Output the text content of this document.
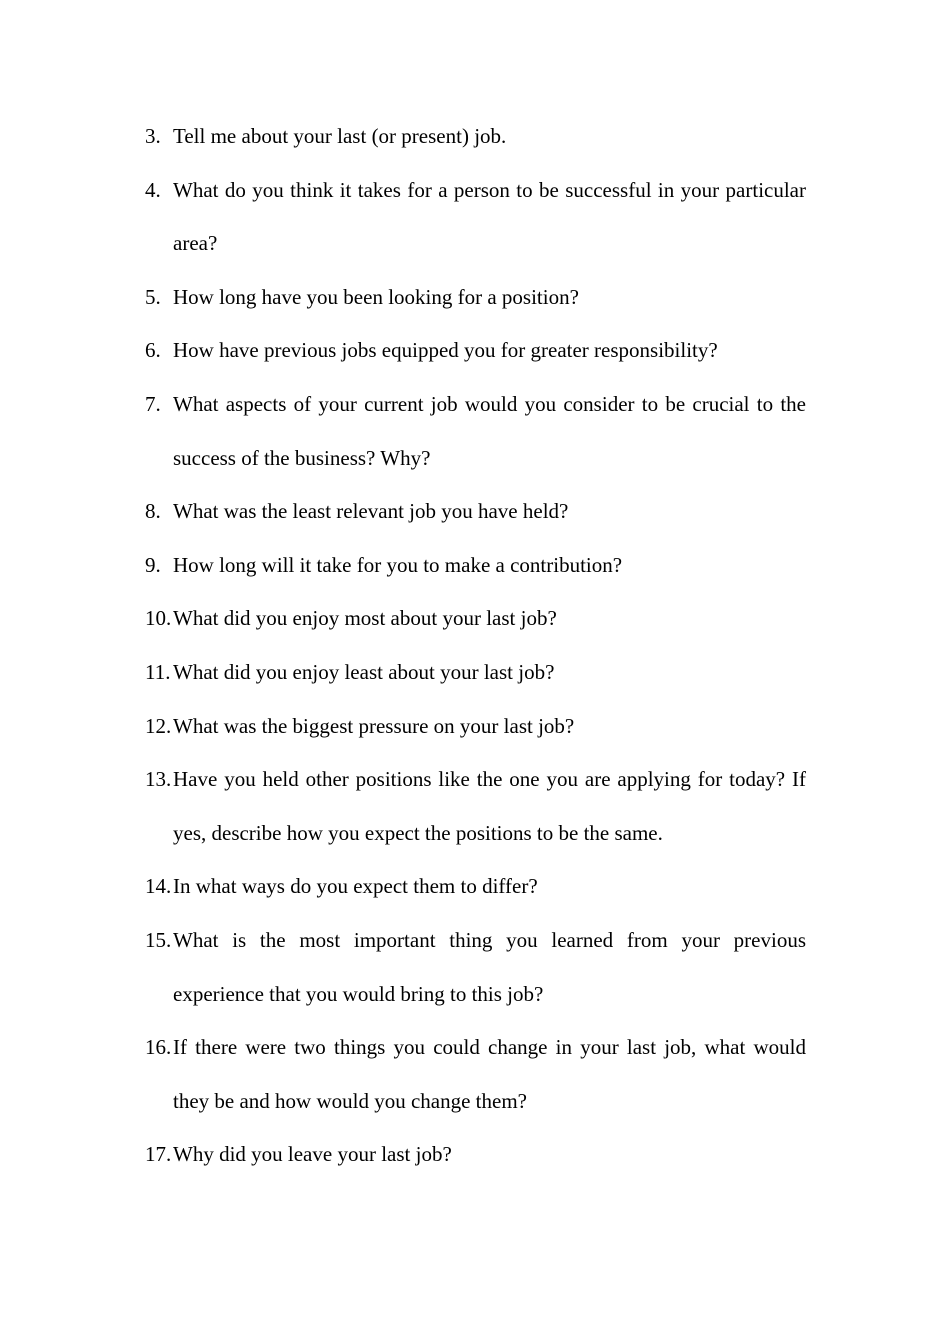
3. Tell me about your last (or present) job.
4. What do you think it takes for a person to be successful in your particular area?
5. How long have you been looking for a position?
6. How have previous jobs equipped you for greater responsibility?
7. What aspects of your current job would you consider to be crucial to the success of the business? Why?
8. What was the least relevant job you have held?
9. How long will it take for you to make a contribution?
10. What did you enjoy most about your last job?
11. What did you enjoy least about your last job?
12. What was the biggest pressure on your last job?
13. Have you held other positions like the one you are applying for today? If yes, describe how you expect the positions to be the same.
14. In what ways do you expect them to differ?
15. What is the most important thing you learned from your previous experience that you would bring to this job?
16. If there were two things you could change in your last job, what would they be and how would you change them?
17. Why did you leave your last job?
